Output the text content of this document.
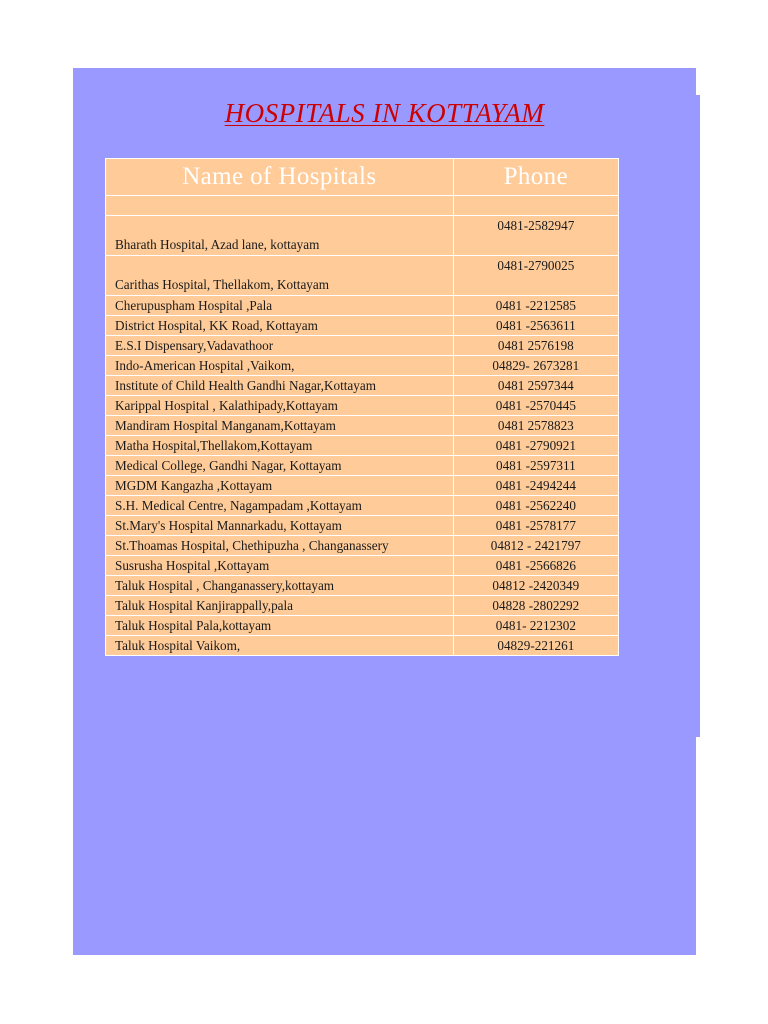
HOSPITALS IN KOTTAYAM
Name of Hospitals	Phone

Bharath Hospital, Azad lane, kottayam	0481-2582947
Carithas Hospital, Thellakom, Kottayam	0481-2790025
Cherupuspham Hospital ,Pala	0481 -2212585
District Hospital, KK Road, Kottayam	0481 -2563611
E.S.I Dispensary,Vadavathoor	0481 2576198
Indo-American Hospital ,Vaikom,	04829- 2673281
Institute of Child Health Gandhi Nagar,Kottayam	0481 2597344
Karippal Hospital , Kalathipady,Kottayam	0481 -2570445
Mandiram Hospital Manganam,Kottayam	0481 2578823
Matha Hospital,Thellakom,Kottayam	0481 -2790921
Medical College, Gandhi Nagar, Kottayam	0481 -2597311
MGDM Kangazha ,Kottayam	0481 -2494244
S.H. Medical Centre, Nagampadam ,Kottayam	0481 -2562240
St.Mary's Hospital Mannarkadu, Kottayam	0481 -2578177
St.Thoamas Hospital, Chethipuzha , Changanassery	04812 - 2421797
Susrusha Hospital ,Kottayam	0481 -2566826
Taluk Hospital , Changanassery,kottayam	04812 -2420349
Taluk Hospital Kanjirappally,pala	04828 -2802292
Taluk Hospital Pala,kottayam	0481- 2212302
Taluk Hospital Vaikom,	04829-221261
